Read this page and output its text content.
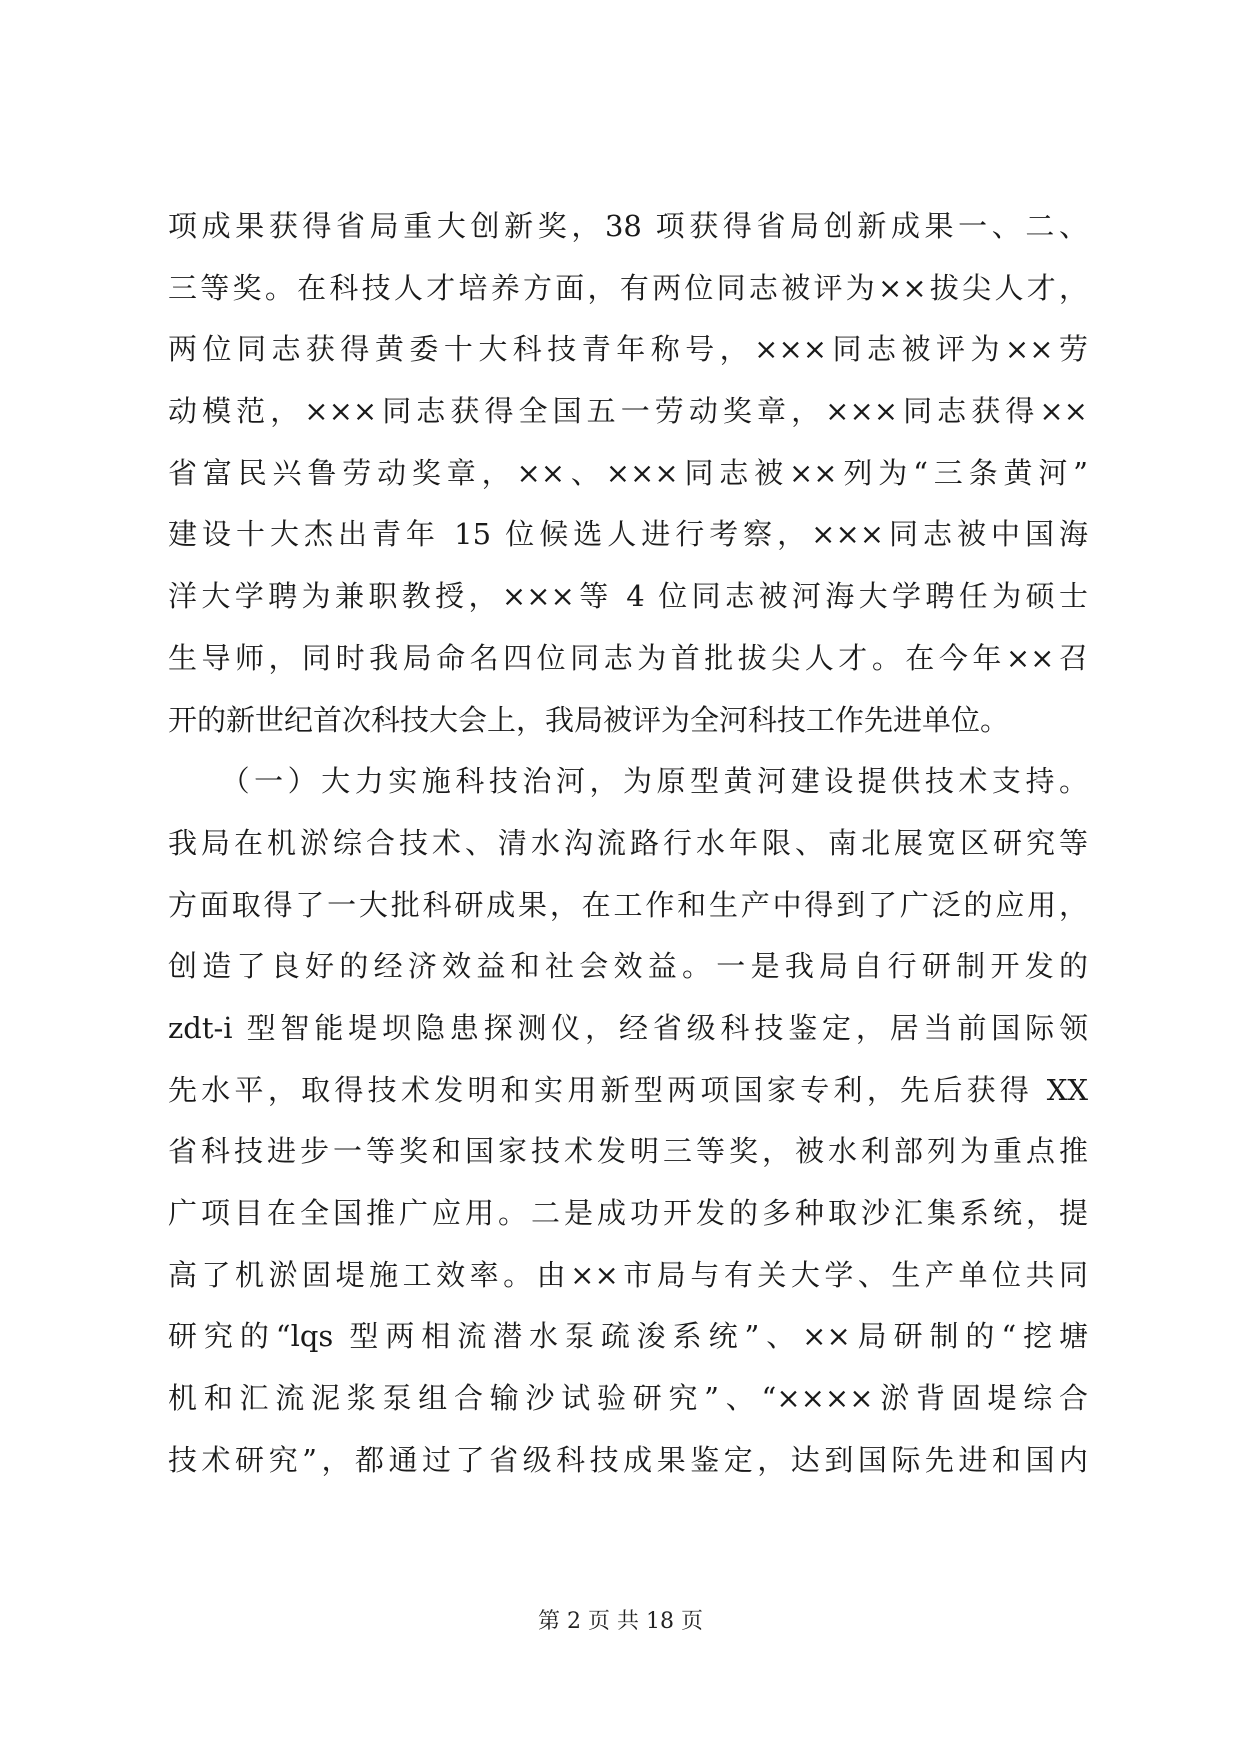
项成果获得省局重大创新奖，38 项获得省局创新成果一、二、
三等奖。在科技人才培养方面，有两位同志被评为××拔尖人才，
两位同志获得黄委十大科技青年称号，×××同志被评为××劳
动模范，×××同志获得全国五一劳动奖章，×××同志获得××
省富民兴鲁劳动奖章，××、×××同志被××列为“三条黄河”
建设十大杰出青年 15 位候选人进行考察，×××同志被中国海
洋大学聘为兼职教授，×××等 4 位同志被河海大学聘任为硕士
生导师，同时我局命名四位同志为首批拔尖人才。在今年××召
开的新世纪首次科技大会上，我局被评为全河科技工作先进单位。
　　（一）大力实施科技治河，为原型黄河建设提供技术支持。
我局在机淤综合技术、清水沟流路行水年限、南北展宽区研究等
方面取得了一大批科研成果，在工作和生产中得到了广泛的应用，
创造了良好的经济效益和社会效益。一是我局自行研制开发的
zdt-i 型智能堤坝隐患探测仪，经省级科技鉴定，居当前国际领
先水平，取得技术发明和实用新型两项国家专利，先后获得 XX
省科技进步一等奖和国家技术发明三等奖，被水利部列为重点推
广项目在全国推广应用。二是成功开发的多种取沙汇集系统，提
高了机淤固堤施工效率。由××市局与有关大学、生产单位共同
研究的“lqs 型两相流潜水泵疏浚系统”、××局研制的“挖塘
机和汇流泥浆泵组合输沙试验研究”、“××××淤背固堤综合
技术研究”，都通过了省级科技成果鉴定，达到国际先进和国内
第 2 页 共 18 页
